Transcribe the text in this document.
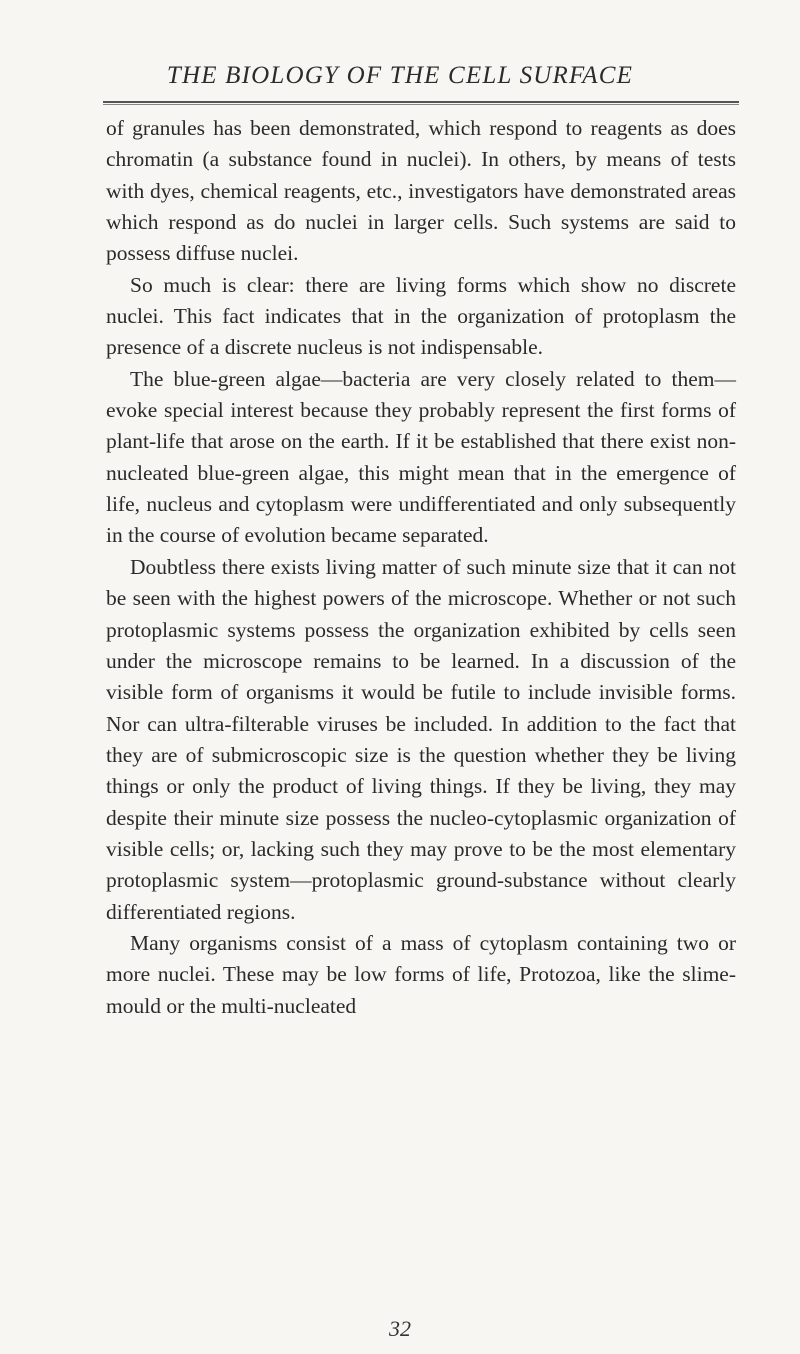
THE BIOLOGY OF THE CELL SURFACE

of granules has been demonstrated, which respond to reagents as does chromatin (a substance found in nuclei). In others, by means of tests with dyes, chemical reagents, etc., investigators have demonstrated areas which respond as do nuclei in larger cells. Such systems are said to possess diffuse nuclei.

So much is clear: there are living forms which show no discrete nuclei. This fact indicates that in the organization of protoplasm the presence of a discrete nucleus is not indispensable.

The blue-green algae—bacteria are very closely related to them—evoke special interest because they probably represent the first forms of plant-life that arose on the earth. If it be established that there exist non-nucleated blue-green algae, this might mean that in the emergence of life, nucleus and cytoplasm were undifferentiated and only subsequently in the course of evolution became separated.

Doubtless there exists living matter of such minute size that it can not be seen with the highest powers of the microscope. Whether or not such protoplasmic systems possess the organization exhibited by cells seen under the microscope remains to be learned. In a discussion of the visible form of organisms it would be futile to include invisible forms. Nor can ultra-filterable viruses be included. In addition to the fact that they are of submicroscopic size is the question whether they be living things or only the product of living things. If they be living, they may despite their minute size possess the nucleo-cytoplasmic organization of visible cells; or, lacking such they may prove to be the most elementary protoplasmic system—protoplasmic ground-substance without clearly differentiated regions.

Many organisms consist of a mass of cytoplasm containing two or more nuclei. These may be low forms of life, Protozoa, like the slime-mould or the multi-nucleated

32
